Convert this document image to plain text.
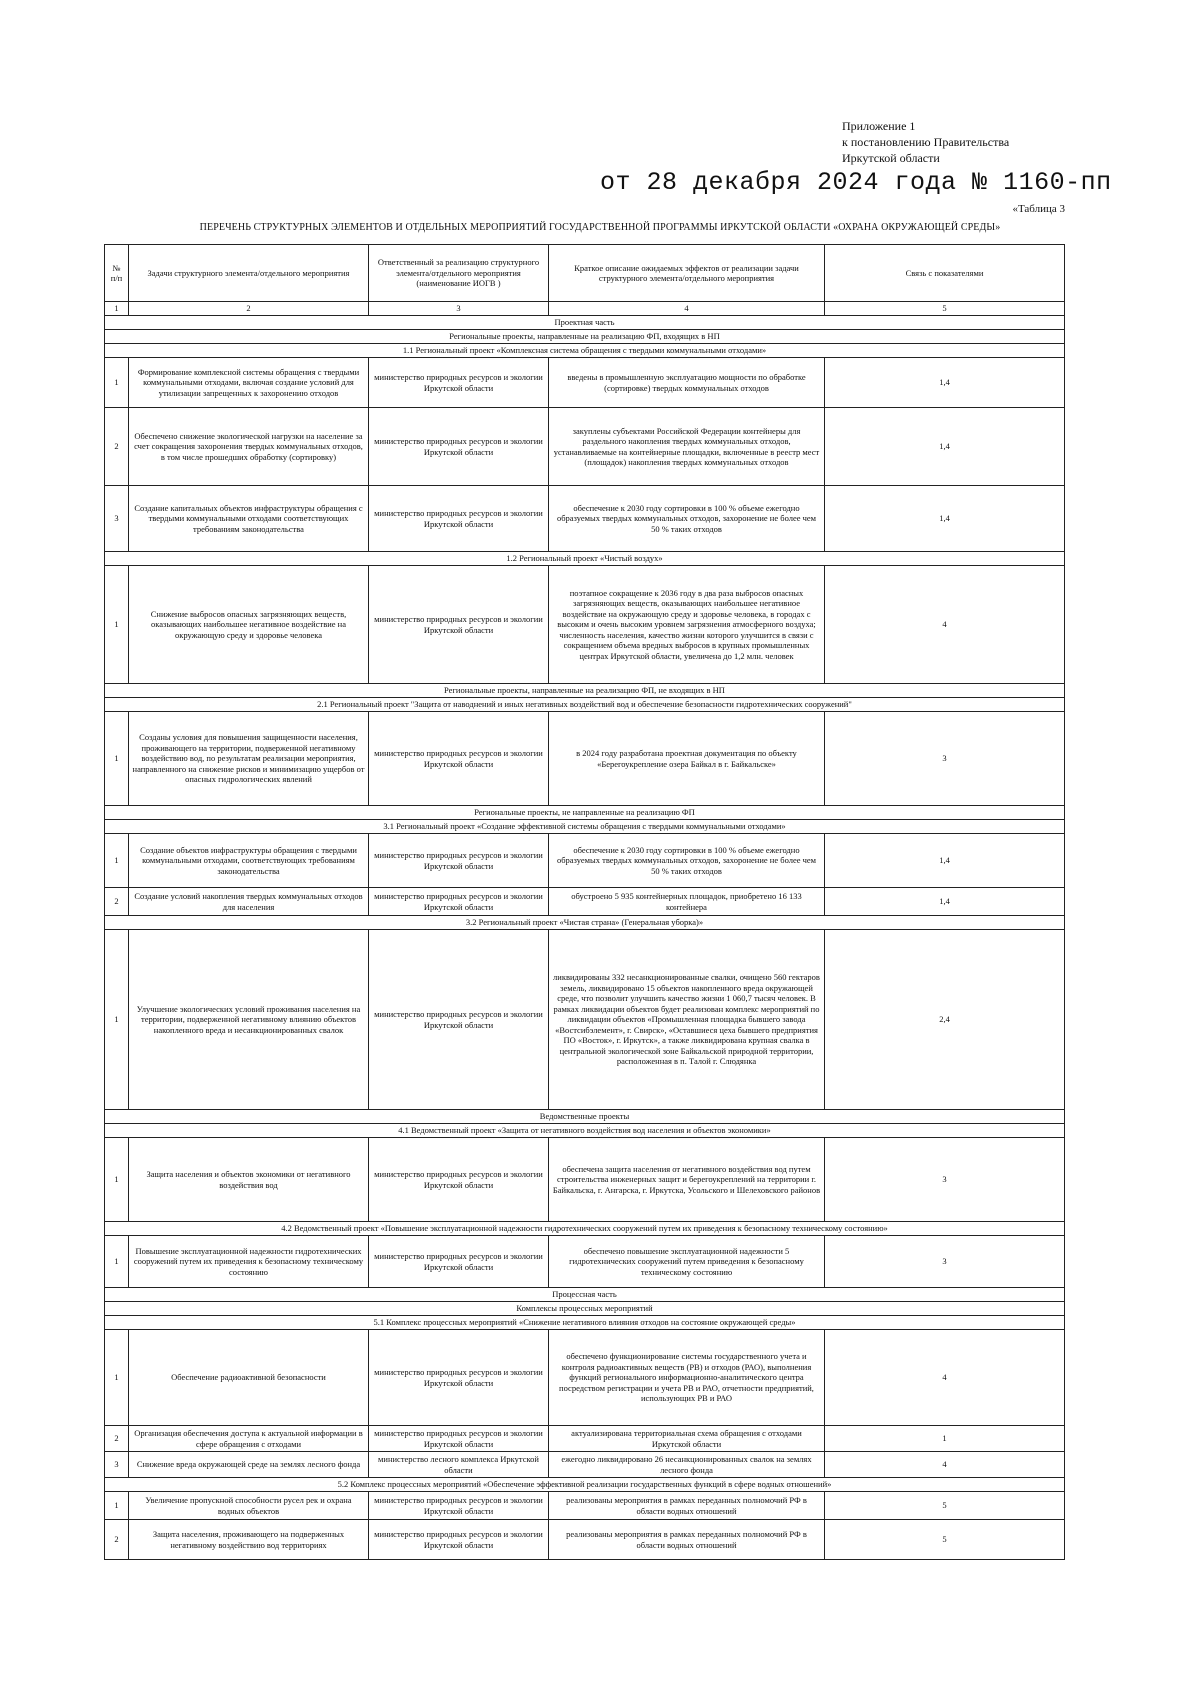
Приложение 1
к постановлению Правительства
Иркутской области
от 28 декабря 2024 года № 1160-пп
«Таблица 3
ПЕРЕЧЕНЬ СТРУКТУРНЫХ ЭЛЕМЕНТОВ И ОТДЕЛЬНЫХ МЕРОПРИЯТИЙ ГОСУДАРСТВЕННОЙ ПРОГРАММЫ ИРКУТСКОЙ ОБЛАСТИ «ОХРАНА ОКРУЖАЮЩЕЙ СРЕДЫ»
№ п/п	Задачи структурного элемента/отдельного мероприятия	Ответственный за реализацию структурного элемента/отдельного мероприятия (наименование ИОГВ )	Краткое описание ожидаемых эффектов от реализации задачи структурного элемента/отдельного мероприятия	Связь с показателями
1	2	3	4	5
Проектная часть				
Региональные проекты, направленные на реализацию ФП, входящих в НП				
1.1 Региональный проект «Комплексная система обращения с твердыми коммунальными отходами»				
1	Формирование комплексной системы обращения с твердыми коммунальными отходами, включая создание условий для утилизации запрещенных к захоронению отходов	министерство природных ресурсов и экологии Иркутской области	введены в промышленную эксплуатацию мощности по обработке (сортировке) твердых коммунальных отходов	1,4
2	Обеспечено снижение экологической нагрузки на население за счет сокращения захоронения твердых коммунальных отходов, в том числе прошедших обработку (сортировку)	министерство природных ресурсов и экологии Иркутской области	закуплены субъектами Российской Федерации контейнеры для раздельного накопления твердых коммунальных отходов, устанавливаемые на контейнерные площадки, включенные в реестр мест (площадок) накопления твердых коммунальных отходов	1,4
3	Создание капитальных объектов инфраструктуры обращения с твердыми коммунальными отходами соответствующих требованиям законодательства	министерство природных ресурсов и экологии Иркутской области	обеспечение к 2030 году сортировки в 100 % объеме ежегодно образуемых твердых коммунальных отходов, захоронение не более чем 50 % таких отходов	1,4
1.2 Региональный проект «Чистый воздух»				
1	Снижение выбросов опасных загрязняющих веществ, оказывающих наибольшее негативное воздействие на окружающую среду и здоровье человека	министерство природных ресурсов и экологии Иркутской области	поэтапное сокращение к 2036 году в два раза выбросов опасных загрязняющих веществ, оказывающих наибольшее негативное воздействие на окружающую среду и здоровье человека, в городах с высоким и очень высоким уровнем загрязнения атмосферного воздуха; численность населения, качество жизни которого улучшится в связи с сокращением объема вредных выбросов в крупных промышленных центрах Иркутской области, увеличена до 1,2 млн. человек	4
Региональные проекты, направленные на реализацию ФП, не входящих в НП				
2.1 Региональный проект "Защита от наводнений и иных негативных воздействий вод и обеспечение безопасности гидротехнических сооружений"				
1	Созданы условия для повышения защищенности населения, проживающего на территории, подверженной негативному воздействию вод, по результатам реализации мероприятия, направленного на снижение рисков и минимизацию ущербов от опасных гидрологических явлений	министерство природных ресурсов и экологии Иркутской области	в 2024 году разработана проектная документация по объекту «Берегоукрепление озера Байкал в г. Байкальске»	3
Региональные проекты, не направленные на реализацию ФП				
3.1 Региональный проект «Создание эффективной системы обращения с твердыми коммунальными отходами»				
1	Создание объектов инфраструктуры обращения с твердыми коммунальными отходами, соответствующих требованиям законодательства	министерство природных ресурсов и экологии Иркутской области	обеспечение к 2030 году сортировки в 100 % объеме ежегодно образуемых твердых коммунальных отходов, захоронение не более чем 50 % таких отходов	1,4
2	Создание условий накопления твердых коммунальных отходов для населения	министерство природных ресурсов и экологии Иркутской области	обустроено 5 935 контейнерных площадок, приобретено 16 133 контейнера	1,4
3.2 Региональный проект «Чистая страна» (Генеральная уборка)»				
1	Улучшение экологических условий проживания населения на территории, подверженной негативному влиянию объектов накопленного вреда и несанкционированных свалок	министерство природных ресурсов и экологии Иркутской области	ликвидированы 332 несанкционированные свалки, очищено 560 гектаров земель, ликвидировано 15 объектов накопленного вреда окружающей среде, что позволит улучшить качество жизни 1 060,7 тысяч человек. В рамках ликвидации объектов будет реализован комплекс мероприятий по ликвидации объектов «Промышленная площадка бывшего завода «Востсибэлемент», г. Свирск», «Оставшиеся цеха бывшего предприятия ПО «Восток», г. Иркутск», а также ликвидирована крупная свалка в центральной экологической зоне Байкальской природной территории, расположенная в п. Талой г. Слюдянка	2,4
Ведомственные проекты				
4.1 Ведомственный проект «Защита от негативного воздействия вод населения и объектов экономики»				
1	Защита населения и объектов экономики от негативного воздействия вод	министерство природных ресурсов и экологии Иркутской области	обеспечена защита населения от негативного воздействия вод путем строительства инженерных защит и берегоукреплений на территории г. Байкальска, г. Ангарска, г. Иркутска, Усольского и Шелеховского районов	3
4.2 Ведомственный проект «Повышение эксплуатационной надежности гидротехнических сооружений путем их приведения к безопасному техническому состоянию»				
1	Повышение эксплуатационной надежности гидротехнических сооружений путем их приведения к безопасному техническому состоянию	министерство природных ресурсов и экологии Иркутской области	обеспечено повышение эксплуатационной надежности 5 гидротехнических сооружений путем приведения к безопасному техническому состоянию	3
Процессная часть				
Комплексы процессных мероприятий				
5.1 Комплекс процессных мероприятий «Снижение негативного влияния отходов на состояние окружающей среды»				
1	Обеспечение радиоактивной безопасности	министерство природных ресурсов и экологии Иркутской области	обеспечено функционирование системы государственного учета и контроля радиоактивных веществ (РВ) и отходов (РАО), выполнения функций регионального информационно-аналитического центра посредством регистрации и учета РВ и РАО, отчетности предприятий, использующих РВ и РАО	4
2	Организация обеспечения доступа к актуальной информации в сфере обращения с отходами	министерство природных ресурсов и экологии Иркутской области	актуализирована территориальная схема обращения с отходами Иркутской области	1
3	Снижение вреда окружающей среде на землях лесного фонда	министерство лесного комплекса Иркутской области	ежегодно ликвидировано 26 несанкционированных свалок на землях лесного фонда	4
5.2 Комплекс процессных мероприятий «Обеспечение эффективной реализации государственных функций в сфере водных отношений»				
1	Увеличение пропускной способности русел рек и охрана водных объектов	министерство природных ресурсов и экологии Иркутской области	реализованы мероприятия в рамках переданных полномочий РФ в области водных отношений	5
2	Защита населения, проживающего на подверженных негативному воздействию вод территориях	министерство природных ресурсов и экологии Иркутской области	реализованы мероприятия в рамках переданных полномочий РФ в области водных отношений	5
